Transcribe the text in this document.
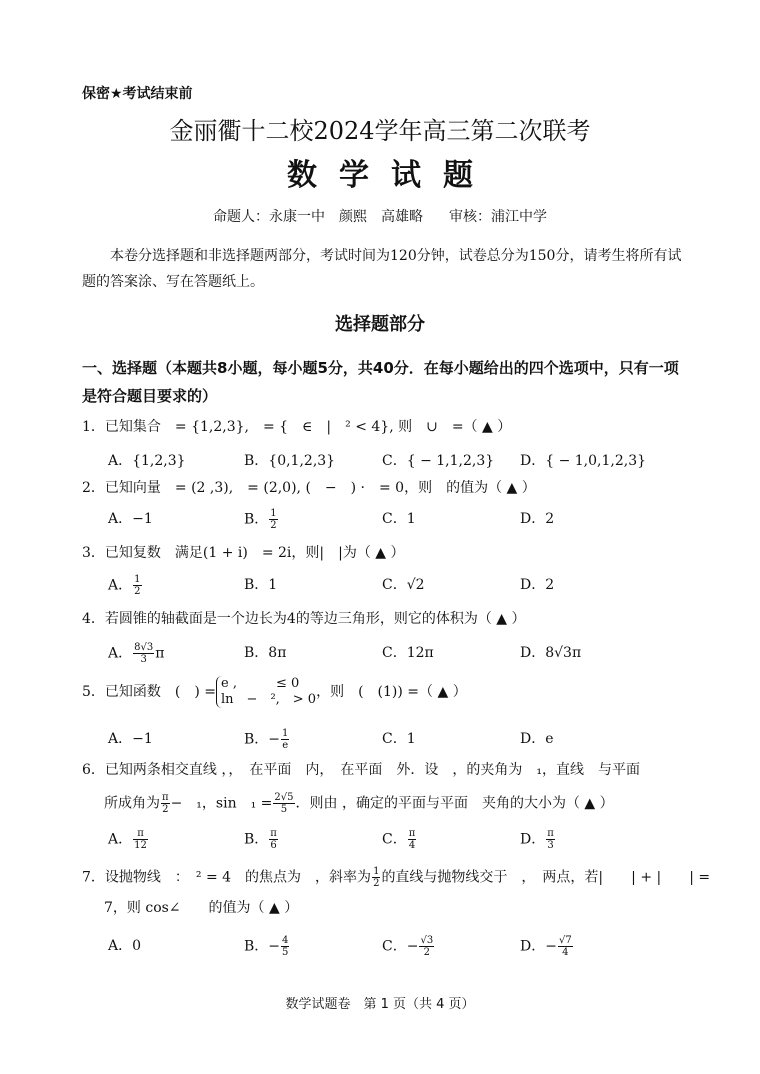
保密★考试结束前
金丽衢十二校2024学年高三第二次联考
数学试题
命题人：永康一中　颜熙　高雄略 审核：浦江中学
本卷分选择题和非选择题两部分，考试时间为120分钟，试卷总分为150分，请考生将所有试题的答案涂、写在答题纸上。
选择题部分
一、选择题（本题共8小题，每小题5分，共40分．在每小题给出的四个选项中，只有一项是符合题目要求的）
1．已知集合　= {1,2,3},　= {　∈　|　² < 4}, 则　∪　=（ ▲ ）
A．{1,2,3}	B．{0,1,2,3}	C．{ − 1,1,2,3} D．{ − 1,0,1,2,3}
2．已知向量　= (2 ,3),　= (2,0), (　−　) ·　= 0，则　的值为（ ▲ ）
A．−1	B． $\frac{1}{2}$	C．1	D．2
3．已知复数　满足(1 + i)　= 2i，则|　|为（ ▲ ）
A． $\frac{1}{2}$	B．1	C．√2	D．2
4．若圆锥的轴截面是一个边长为4的等边三角形，则它的体积为（ ▲ ）
A． $\frac{8√3}{3}$ π	B．8π	C．12π	D．8√3π
5．已知函数　(　) =
e ,　　　≤ 0
ln　−　²,　> 0 ，则　(　(1)) =（ ▲ ）
A．−1	B．− $\frac{1}{e}$	C．1	D．e
6．已知两条相交直线 ，，　在平面　内，　在平面　外．设　，的夹角为　₁，直线　与平面
所成角为 $\frac{\pi}{2}$ −　₁，sin　$_1 = \frac{2√5}{5}$ ．则由 ，确定的平面与平面　夹角的大小为（ ▲ ）
A． $\frac{\pi}{12}$	B． $\frac{\pi}{6}$	C． $\frac{\pi}{4}$	D． $\frac{\pi}{3}$
7．设抛物线　：　² = 4　的焦点为　，斜率为 $\frac{1}{2}$ 的直线与抛物线交于　，　两点，若|　　| + |　　| =
7，则 cos∠　　的值为（ ▲ ）
A．0	B．− $\frac{4}{5}$	C．− $\frac{√3}{2}$	D．− $\frac{√7}{4}$
数学试题卷　第 1 页（共 4 页）
